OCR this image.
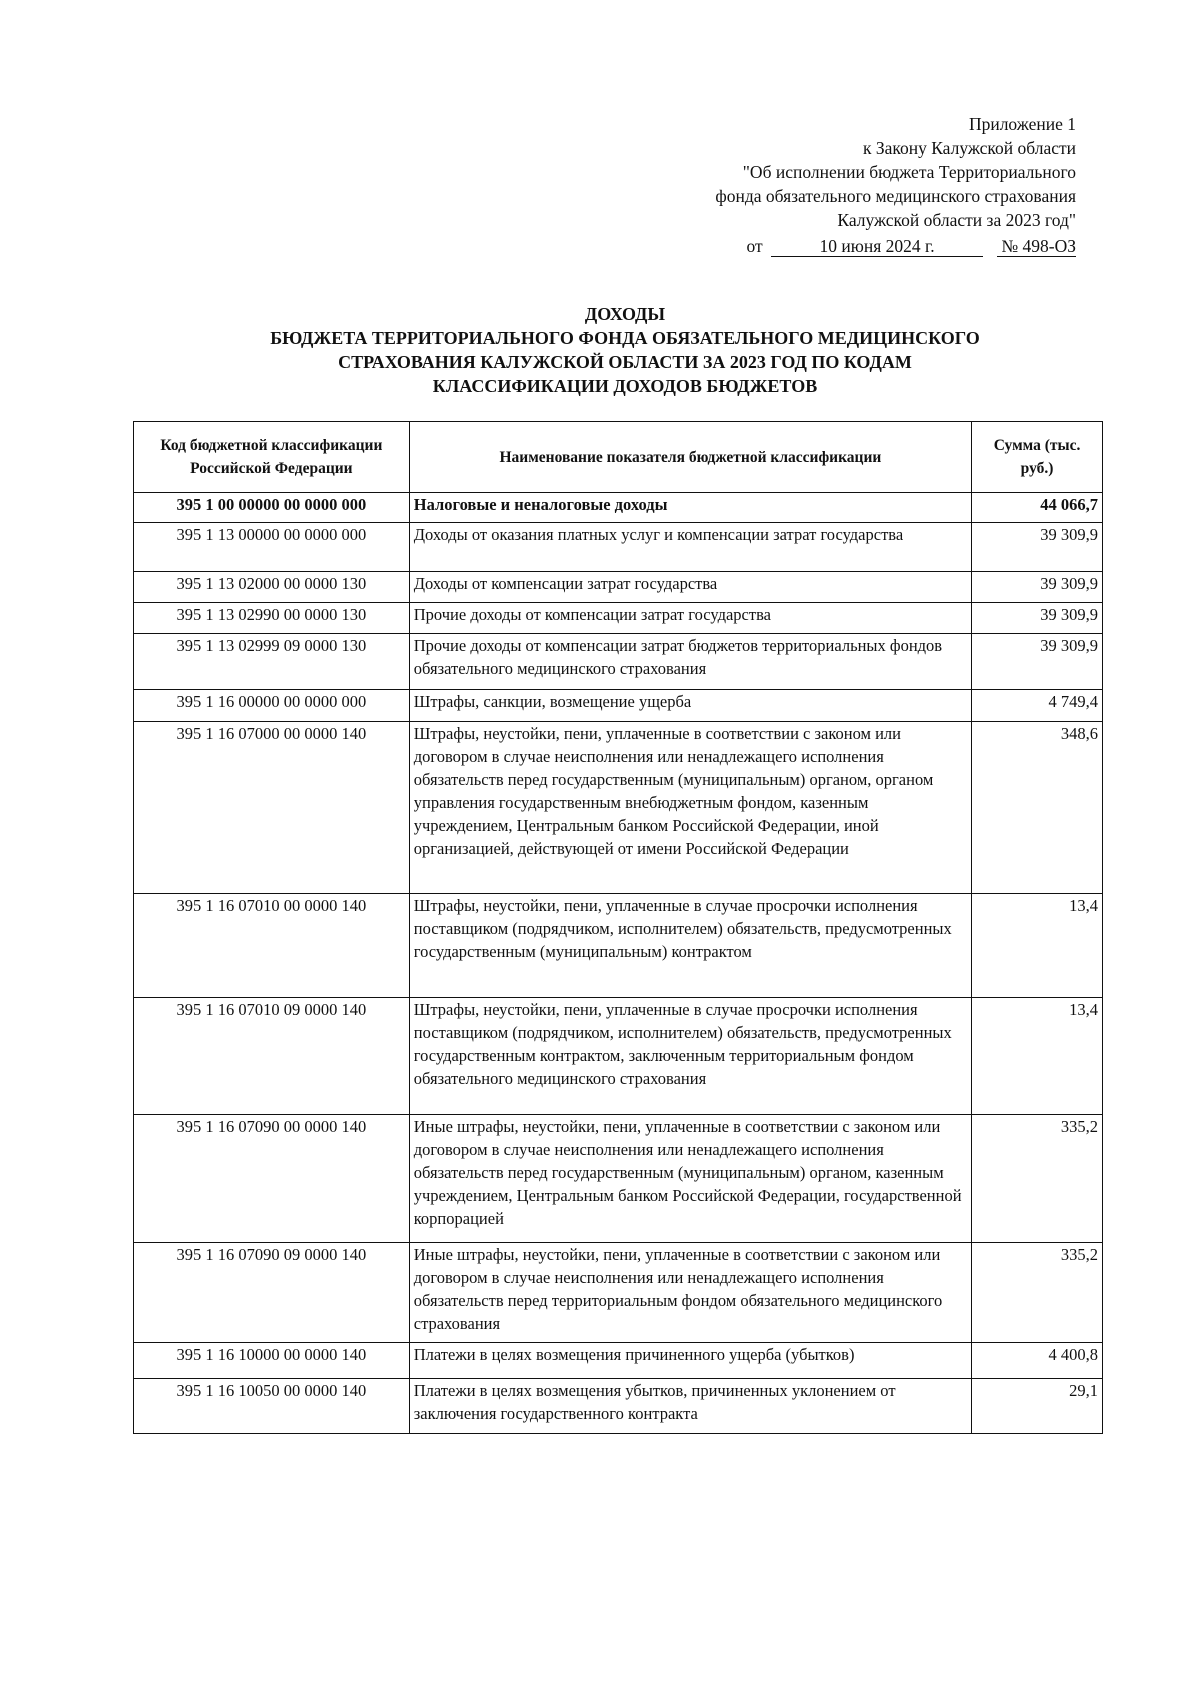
Приложение 1
к Закону Калужской области
"Об исполнении бюджета Территориального
фонда обязательного медицинского страхования
Калужской области за 2023 год"
от	10 июня 2024 г.	№ 498-ОЗ
ДОХОДЫ
БЮДЖЕТА ТЕРРИТОРИАЛЬНОГО ФОНДА ОБЯЗАТЕЛЬНОГО МЕДИЦИНСКОГО
СТРАХОВАНИЯ КАЛУЖСКОЙ ОБЛАСТИ ЗА 2023 ГОД ПО КОДАМ
КЛАССИФИКАЦИИ ДОХОДОВ БЮДЖЕТОВ
Код бюджетной классификации Российской Федерации	Наименование показателя бюджетной классификации	Сумма (тыс. руб.)
395 1 00 00000 00 0000 000	Налоговые и неналоговые доходы	44 066,7
395 1 13 00000 00 0000 000	Доходы от оказания платных услуг и компенсации затрат государства	39 309,9
395 1 13 02000 00 0000 130	Доходы от компенсации затрат государства	39 309,9
395 1 13 02990 00 0000 130	Прочие доходы от компенсации затрат государства	39 309,9
395 1 13 02999 09 0000 130	Прочие доходы от компенсации затрат бюджетов территориальных фондов обязательного медицинского страхования	39 309,9
395 1 16 00000 00 0000 000	Штрафы, санкции, возмещение ущерба	4 749,4
395 1 16 07000 00 0000 140	Штрафы, неустойки, пени, уплаченные в соответствии с законом или договором в случае неисполнения или ненадлежащего исполнения обязательств перед государственным (муниципальным) органом, органом управления государственным внебюджетным фондом, казенным учреждением, Центральным банком Российской Федерации, иной организацией, действующей от имени Российской Федерации	348,6
395 1 16 07010 00 0000 140	Штрафы, неустойки, пени, уплаченные в случае просрочки исполнения поставщиком (подрядчиком, исполнителем) обязательств, предусмотренных государственным (муниципальным) контрактом	13,4
395 1 16 07010 09 0000 140	Штрафы, неустойки, пени, уплаченные в случае просрочки исполнения поставщиком (подрядчиком, исполнителем) обязательств, предусмотренных государственным контрактом, заключенным территориальным фондом обязательного медицинского страхования	13,4
395 1 16 07090 00 0000 140	Иные штрафы, неустойки, пени, уплаченные в соответствии с законом или договором в случае неисполнения или ненадлежащего исполнения обязательств перед государственным (муниципальным) органом, казенным учреждением, Центральным банком Российской Федерации, государственной корпорацией	335,2
395 1 16 07090 09 0000 140	Иные штрафы, неустойки, пени, уплаченные в соответствии с законом или договором в случае неисполнения или ненадлежащего исполнения обязательств перед территориальным фондом обязательного медицинского страхования	335,2
395 1 16 10000 00 0000 140	Платежи в целях возмещения причиненного ущерба (убытков)	4 400,8
395 1 16 10050 00 0000 140	Платежи в целях возмещения убытков, причиненных уклонением от заключения государственного контракта	29,1
